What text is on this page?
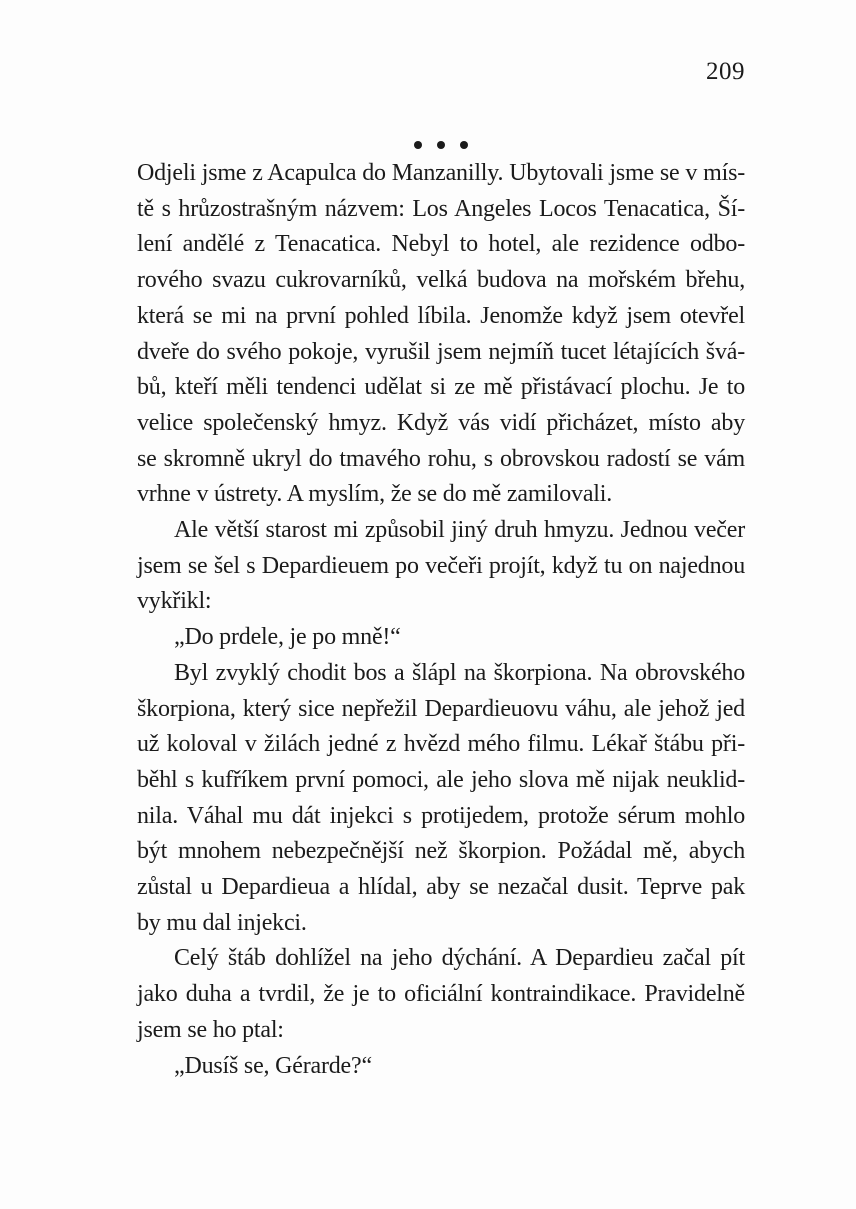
209
Odjeli jsme z Acapulca do Manzanilly. Ubytovali jsme se v mís-
tě s hrůzostrašným názvem: Los Angeles Locos Tenacatica, Ší-
lení andělé z Tenacatica. Nebyl to hotel, ale rezidence odbo-
rového svazu cukrovarníků, velká budova na mořském břehu,
která se mi na první pohled líbila. Jenomže když jsem otevřel
dveře do svého pokoje, vyrušil jsem nejmíň tucet létajících švá-
bů, kteří měli tendenci udělat si ze mě přistávací plochu. Je to
velice společenský hmyz. Když vás vidí přicházet, místo aby
se skromně ukryl do tmavého rohu, s obrovskou radostí se vám
vrhne v ústrety. A myslím, že se do mě zamilovali.
Ale větší starost mi způsobil jiný druh hmyzu. Jednou večer
jsem se šel s Depardieuem po večeři projít, když tu on najednou
vykřikl:
„Do prdele, je po mně!“
Byl zvyklý chodit bos a šlápl na škorpiona. Na obrovského
škorpiona, který sice nepřežil Depardieuovu váhu, ale jehož jed
už koloval v žilách jedné z hvězd mého filmu. Lékař štábu při-
běhl s kufříkem první pomoci, ale jeho slova mě nijak neuklid-
nila. Váhal mu dát injekci s protijedem, protože sérum mohlo
být mnohem nebezpečnější než škorpion. Požádal mě, abych
zůstal u Depardieua a hlídal, aby se nezačal dusit. Teprve pak
by mu dal injekci.
Celý štáb dohlížel na jeho dýchání. A Depardieu začal pít
jako duha a tvrdil, že je to oficiální kontraindikace. Pravidelně
jsem se ho ptal:
„Dusíš se, Gérarde?“
